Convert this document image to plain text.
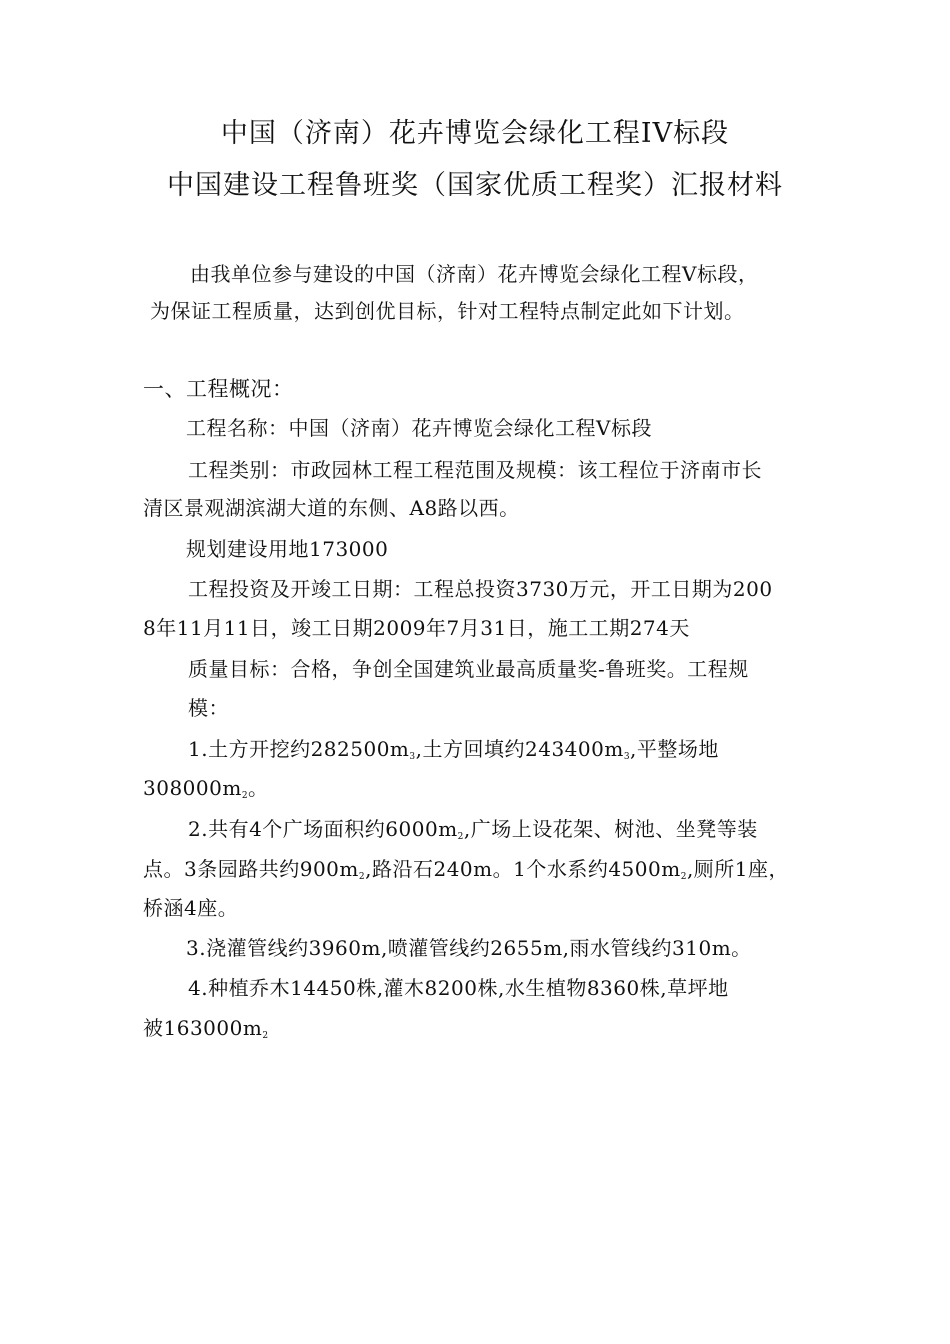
中国（济南）花卉博览会绿化工程IV标段
中国建设工程鲁班奖（国家优质工程奖）汇报材料
由我单位参与建设的中国（济南）花卉博览会绿化工程Ⅴ标段，
为保证工程质量，达到创优目标，针对工程特点制定此如下计划。
一、工程概况：
工程名称：中国（济南）花卉博览会绿化工程Ⅴ标段
工程类别：市政园林工程工程范围及规模：该工程位于济南市长
清区景观湖滨湖大道的东侧、A8路以西。
规划建设用地173000
工程投资及开竣工日期：工程总投资3730万元，开工日期为200
8年11月11日，竣工日期2009年7月31日，施工工期274天
质量目标：合格，争创全国建筑业最高质量奖-鲁班奖。工程规
模：
1.土方开挖约$282500m_3$,土方回填约$243400m_3$,平整场地
$308000m_2$。
2.共有4个广场面积约$6000m_2$,广场上设花架、树池、坐凳等装
点。3条园路共约$900m_2$,路沿石240m。1个水系约$4500m_2$,厕所1座，
桥涵4座。
3.浇灌管线约3960m,喷灌管线约2655m,雨水管线约310m。
4.种植乔木14450株,灌木8200株,水生植物8360株,草坪地
被$163000m_2$
